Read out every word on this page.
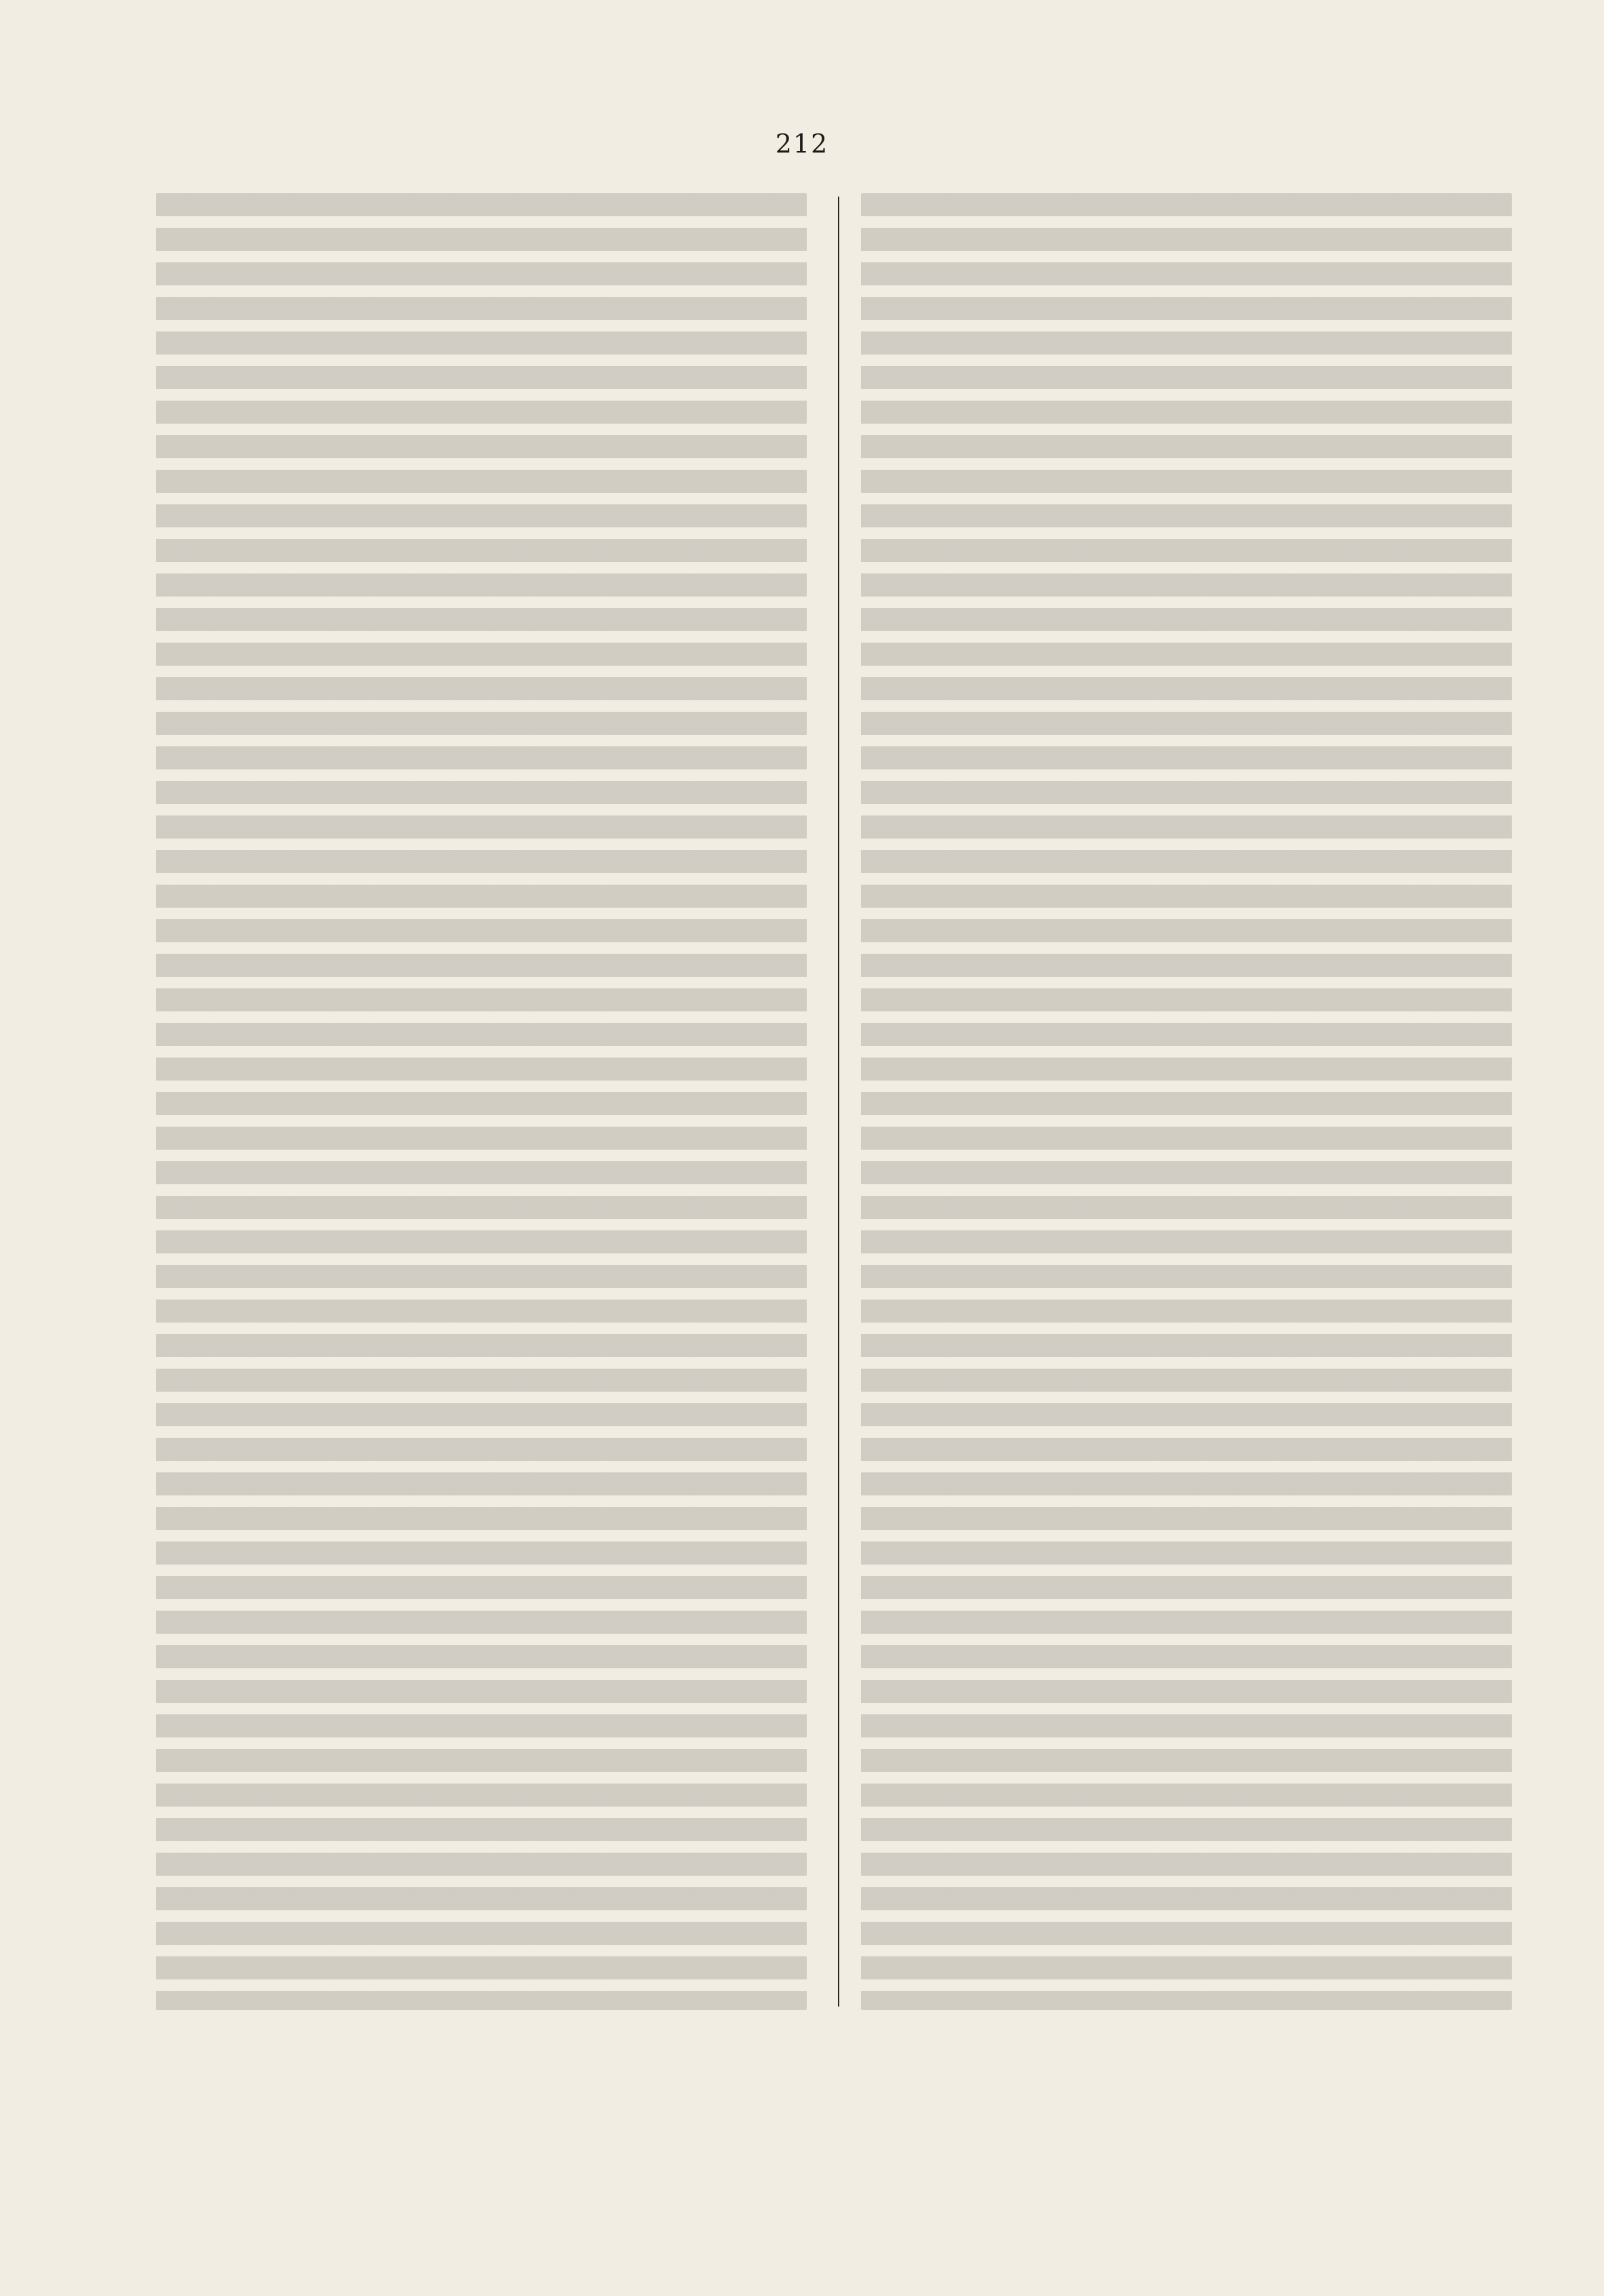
212
